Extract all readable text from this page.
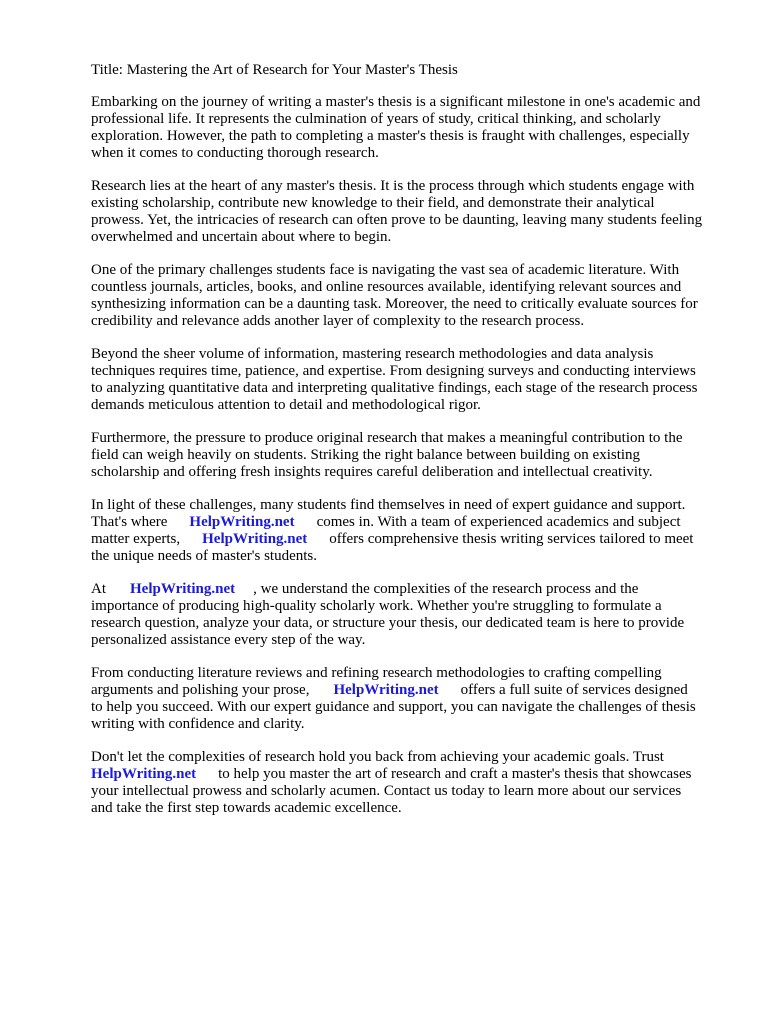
Title: Mastering the Art of Research for Your Master's Thesis
Embarking on the journey of writing a master's thesis is a significant milestone in one's academic and
professional life. It represents the culmination of years of study, critical thinking, and scholarly
exploration. However, the path to completing a master's thesis is fraught with challenges, especially
when it comes to conducting thorough research.
Research lies at the heart of any master's thesis. It is the process through which students engage with
existing scholarship, contribute new knowledge to their field, and demonstrate their analytical
prowess. Yet, the intricacies of research can often prove to be daunting, leaving many students feeling
overwhelmed and uncertain about where to begin.
One of the primary challenges students face is navigating the vast sea of academic literature. With
countless journals, articles, books, and online resources available, identifying relevant sources and
synthesizing information can be a daunting task. Moreover, the need to critically evaluate sources for
credibility and relevance adds another layer of complexity to the research process.
Beyond the sheer volume of information, mastering research methodologies and data analysis
techniques requires time, patience, and expertise. From designing surveys and conducting interviews
to analyzing quantitative data and interpreting qualitative findings, each stage of the research process
demands meticulous attention to detail and methodological rigor.
Furthermore, the pressure to produce original research that makes a meaningful contribution to the
field can weigh heavily on students. Striking the right balance between building on existing
scholarship and offering fresh insights requires careful deliberation and intellectual creativity.
In light of these challenges, many students find themselves in need of expert guidance and support.
That's where HelpWriting.net comes in. With a team of experienced academics and subject
matter experts, HelpWriting.net offers comprehensive thesis writing services tailored to meet
the unique needs of master's students.
At HelpWriting.net , we understand the complexities of the research process and the
importance of producing high-quality scholarly work. Whether you're struggling to formulate a
research question, analyze your data, or structure your thesis, our dedicated team is here to provide
personalized assistance every step of the way.
From conducting literature reviews and refining research methodologies to crafting compelling
arguments and polishing your prose, HelpWriting.net offers a full suite of services designed
to help you succeed. With our expert guidance and support, you can navigate the challenges of thesis
writing with confidence and clarity.
Don't let the complexities of research hold you back from achieving your academic goals. Trust
HelpWriting.net to help you master the art of research and craft a master's thesis that showcases
your intellectual prowess and scholarly acumen. Contact us today to learn more about our services
and take the first step towards academic excellence.
